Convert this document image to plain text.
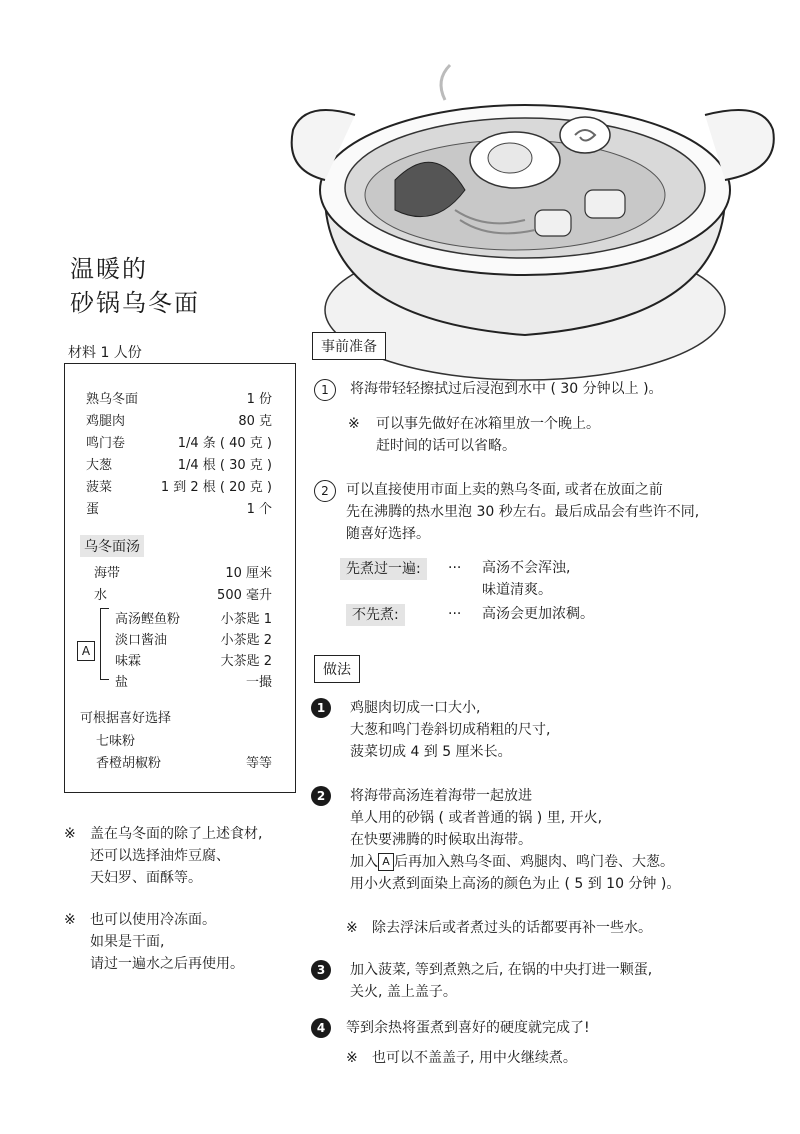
温暖的
砂锅乌冬面
材料 1 人份
熟乌冬面	1 份
鸡腿肉	80 克
鸣门卷	1/4 条 ( 40 克 )
大葱	1/4 根 ( 30 克 )
菠菜	1 到 2 根 ( 20 克 )
蛋	1 个
乌冬面汤
海带	10 厘米
水	500 毫升
A
高汤鲣鱼粉	小茶匙 1
淡口酱油	小茶匙 2
味霖	大茶匙 2
盐	一撮
可根据喜好选择
七味粉
香橙胡椒粉	等等
※ 盖在乌冬面的除了上述食材,
还可以选择油炸豆腐、
天妇罗、面酥等。
※ 也可以使用冷冻面。
如果是干面,
请过一遍水之后再使用。
事前准备
1	将海带轻轻擦拭过后浸泡到水中 ( 30 分钟以上 )。
※ 可以事先做好在冰箱里放一个晚上。
赶时间的话可以省略。
2	可以直接使用市面上卖的熟乌冬面, 或者在放面之前
先在沸腾的热水里泡 30 秒左右。最后成品会有些许不同,
随喜好选择。
先煮过一遍:	··· 高汤不会浑浊,
味道清爽。
不先煮:	··· 高汤会更加浓稠。
做法
1	鸡腿肉切成一口大小,
大葱和鸣门卷斜切成稍粗的尺寸,
菠菜切成 4 到 5 厘米长。
2	将海带高汤连着海带一起放进
单人用的砂锅 ( 或者普通的锅 ) 里, 开火,
在快要沸腾的时候取出海带。
加入 A 后再加入熟乌冬面、鸡腿肉、鸣门卷、大葱。
用小火煮到面染上高汤的颜色为止 ( 5 到 10 分钟 )。
※ 除去浮沫后或者煮过头的话都要再补一些水。
3	加入菠菜, 等到煮熟之后, 在锅的中央打进一颗蛋,
关火, 盖上盖子。
4	等到余热将蛋煮到喜好的硬度就完成了!
※ 也可以不盖盖子, 用中火继续煮。
